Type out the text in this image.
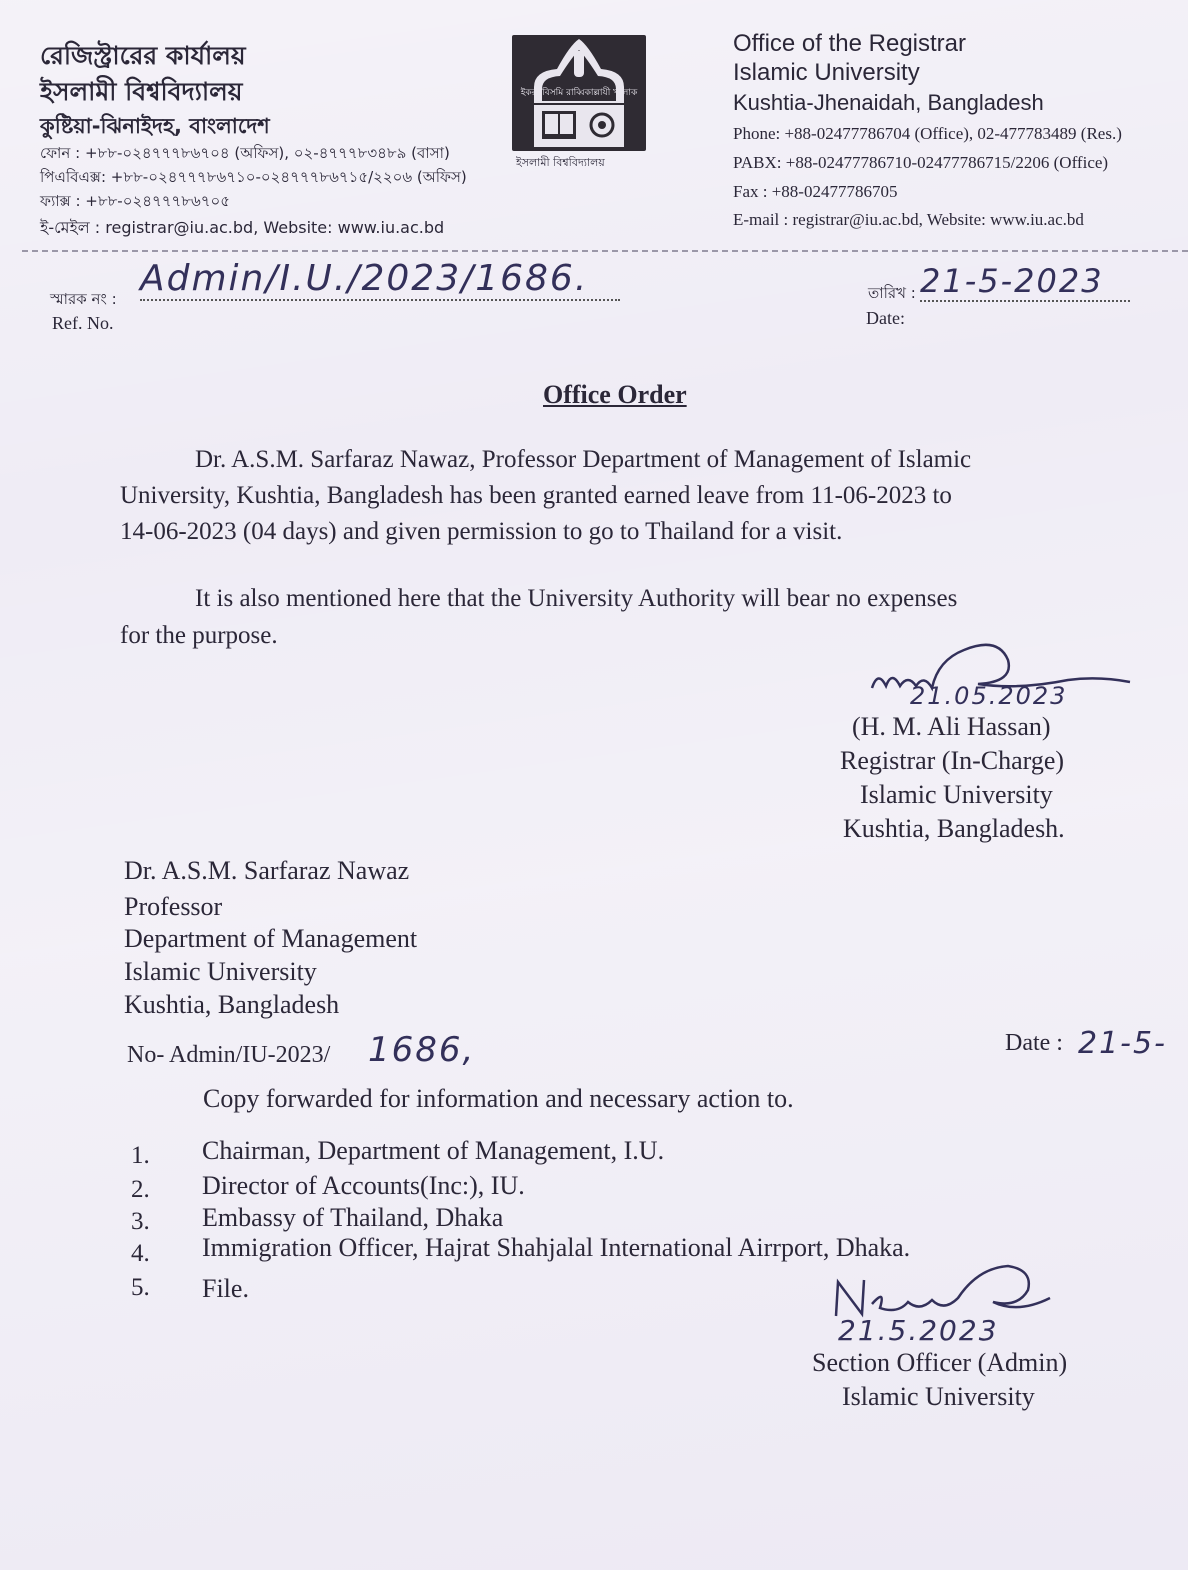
রেজিস্ট্রারের কার্যালয়
ইসলামী বিশ্ববিদ্যালয়
কুষ্টিয়া-ঝিনাইদহ, বাংলাদেশ
ফোন : +৮৮-০২৪৭৭৭৮৬৭০৪ (অফিস), ০২-৪৭৭৭৮৩৪৮৯ (বাসা)
পিএবিএক্স: +৮৮-০২৪৭৭৭৮৬৭১০-০২৪৭৭৭৮৬৭১৫/২২০৬ (অফিস)
ফ্যাক্স : +৮৮-০২৪৭৭৭৮৬৭০৫
ই-মেইল : registrar@iu.ac.bd, Website: www.iu.ac.bd
ইকরা বিসমি রাব্বিকাল্লাযী খালাক
ইসলামী বিশ্ববিদ্যালয়
Office of the Registrar
Islamic University
Kushtia-Jhenaidah, Bangladesh
Phone: +88-02477786704 (Office), 02-477783489 (Res.)
PABX: +88-02477786710-02477786715/2206 (Office)
Fax : +88-02477786705
E-mail : registrar@iu.ac.bd, Website: www.iu.ac.bd
স্মারক নং :
Ref. No.
Admin/I.U./2023/1686.	তারিখ :
Date:
21-5-2023
Office Order
Dr. A.S.M. Sarfaraz Nawaz, Professor Department of Management of Islamic
University, Kushtia, Bangladesh has been granted earned leave from 11-06-2023 to
14-06-2023 (04 days) and given permission to go to Thailand for a visit.
It is also mentioned here that the University Authority will bear no expenses
for the purpose.
21.05.2023
(H. M. Ali Hassan)
Registrar (In-Charge)
Islamic University
Kushtia, Bangladesh.
Dr. A.S.M. Sarfaraz Nawaz
Professor
Department of Management
Islamic University
Kushtia, Bangladesh
No- Admin/IU-2023/ 1686,	Date : 21-5-
Copy forwarded for information and necessary action to.
1. Chairman, Department of Management, I.U.
2. Director of Accounts(Inc:), IU.
3. Embassy of Thailand, Dhaka
4. Immigration Officer, Hajrat Shahjalal International Airrport, Dhaka.
5. File.
21.5.2023
Section Officer (Admin)
Islamic University
